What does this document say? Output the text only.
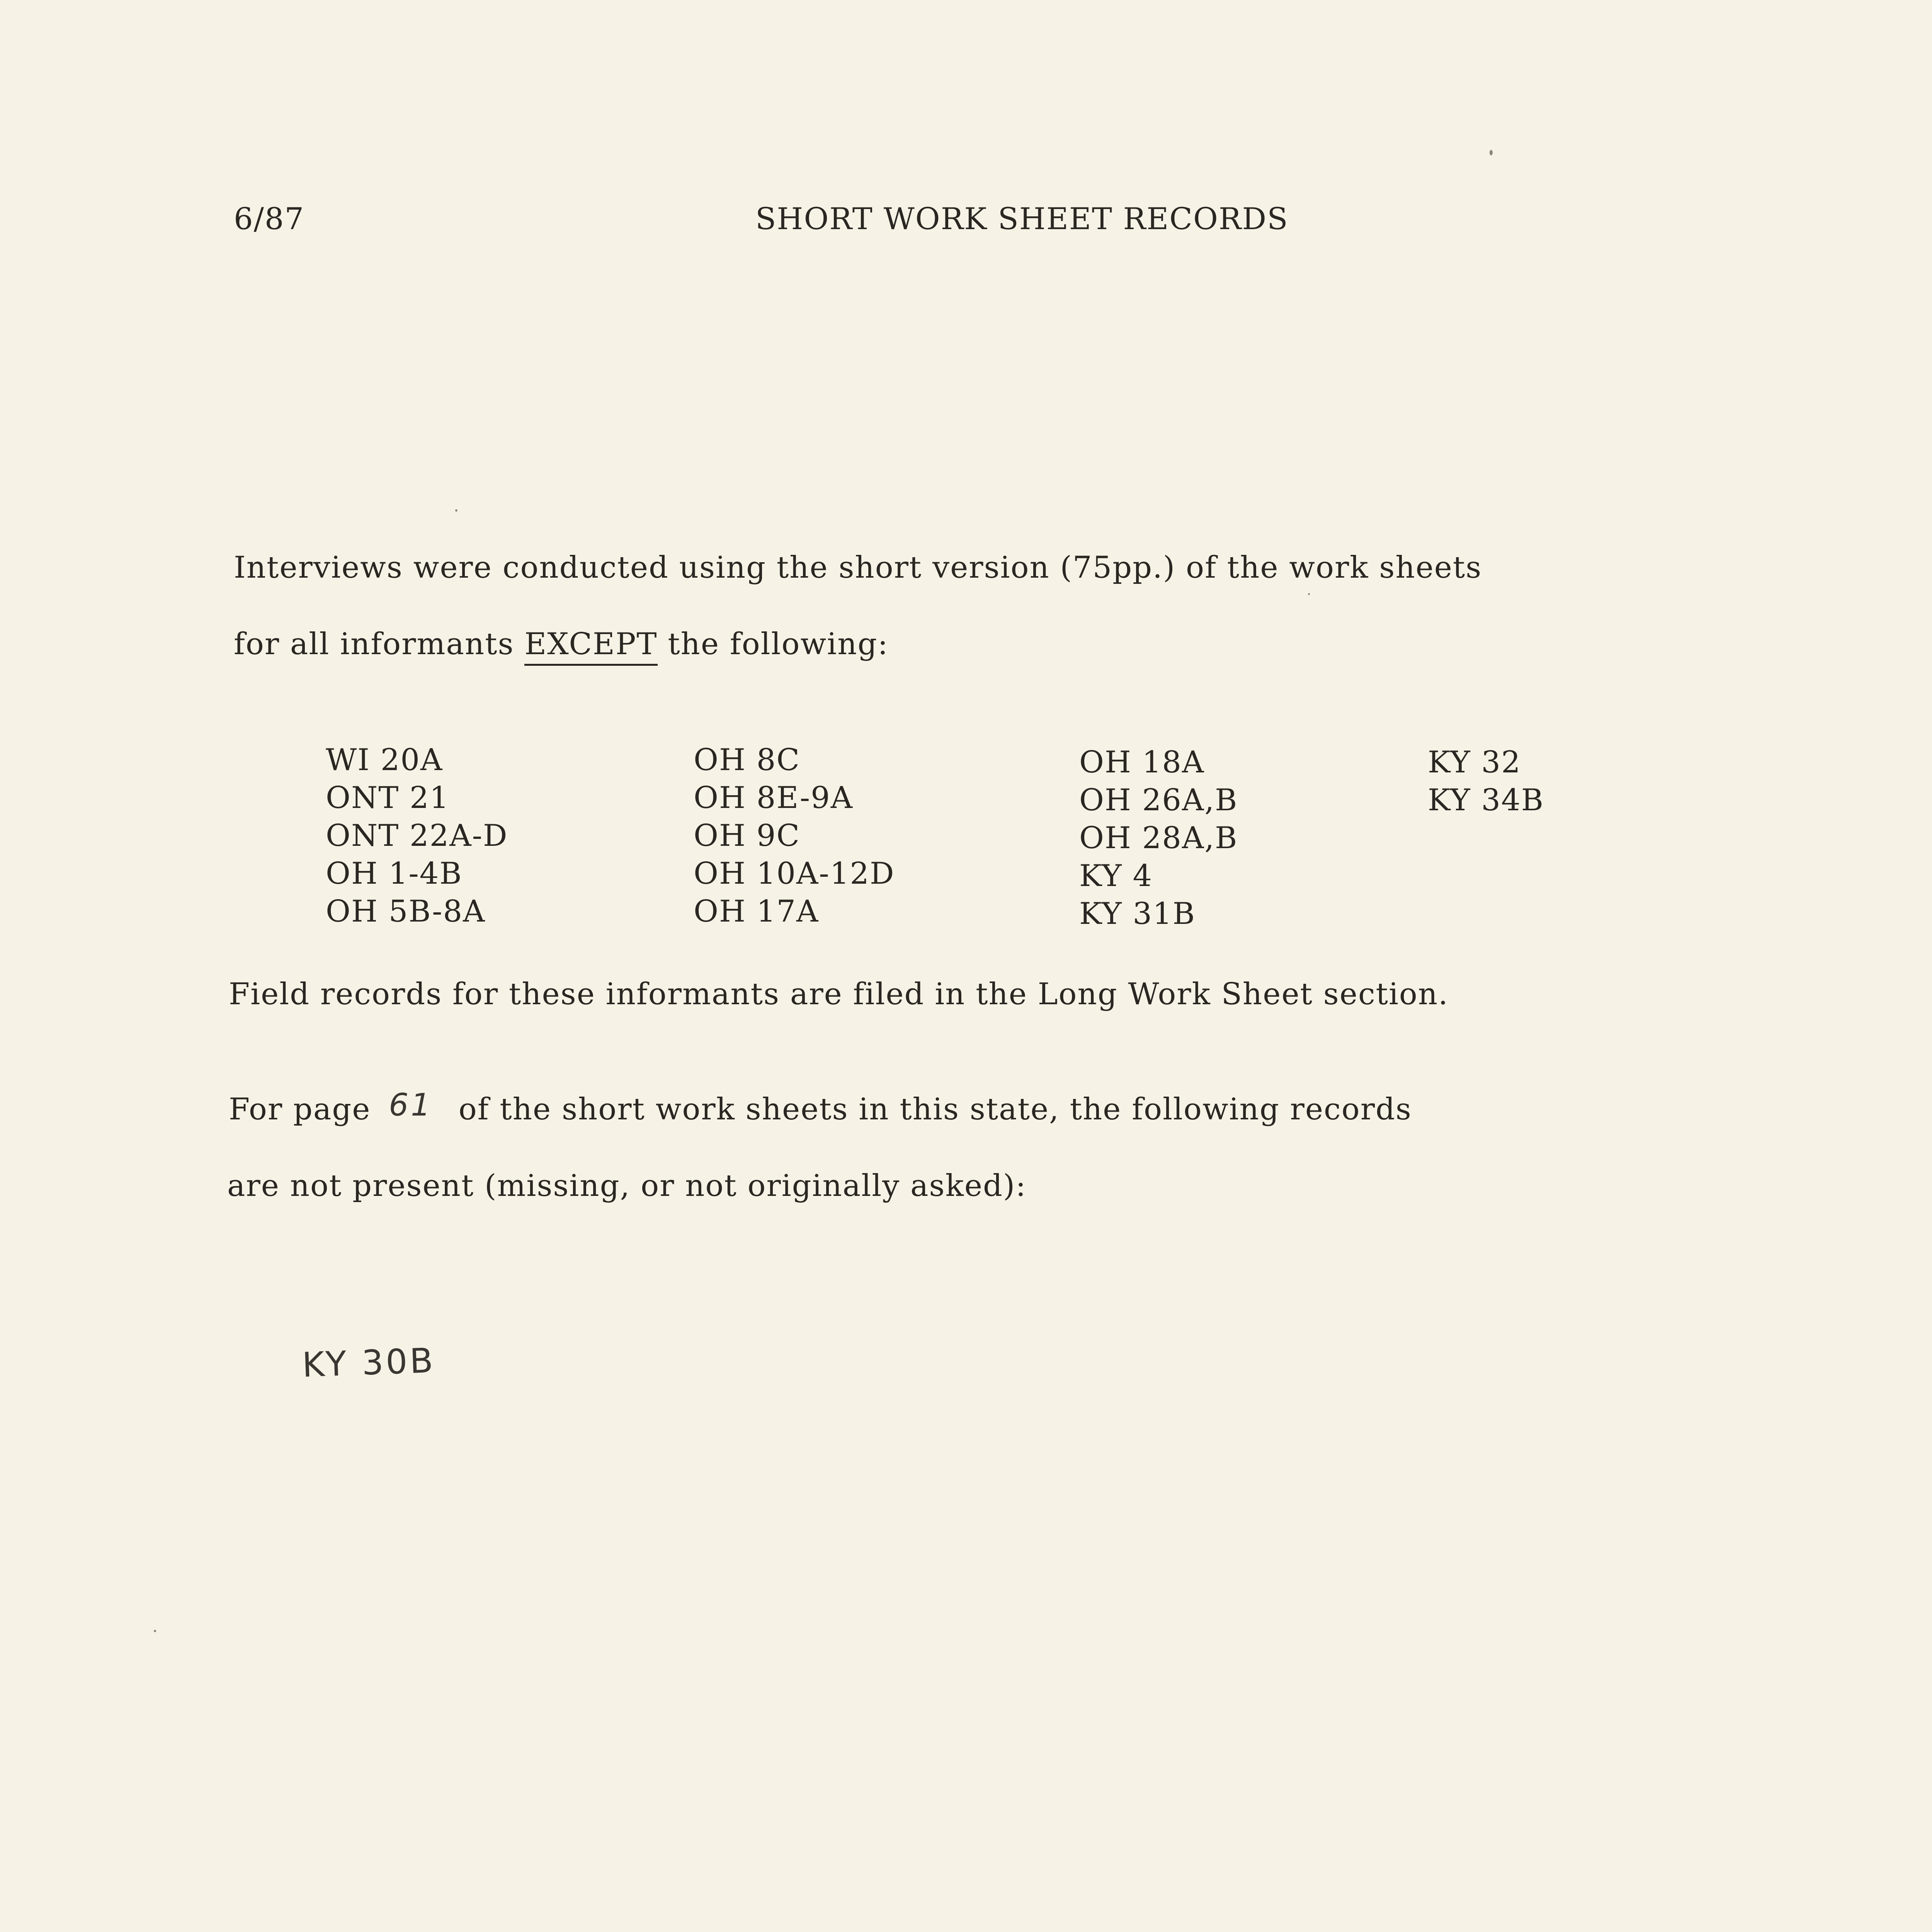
6/87	SHORT WORK SHEET RECORDS
Interviews were conducted using the short version (75pp.) of the work sheets
for all informants EXCEPT the following:
WI 20A
ONT 21
ONT 22A-D
OH 1-4B
OH 5B-8A
OH 8C
OH 8E-9A
OH 9C
OH 10A-12D
OH 17A
OH 18A
OH 26A,B
OH 28A,B
KY 4
KY 31B
KY 32
KY 34B
Field records for these informants are filed in the Long Work Sheet section.
For page 61 of the short work sheets in this state, the following records
are not present (missing, or not originally asked):
KY 30B
